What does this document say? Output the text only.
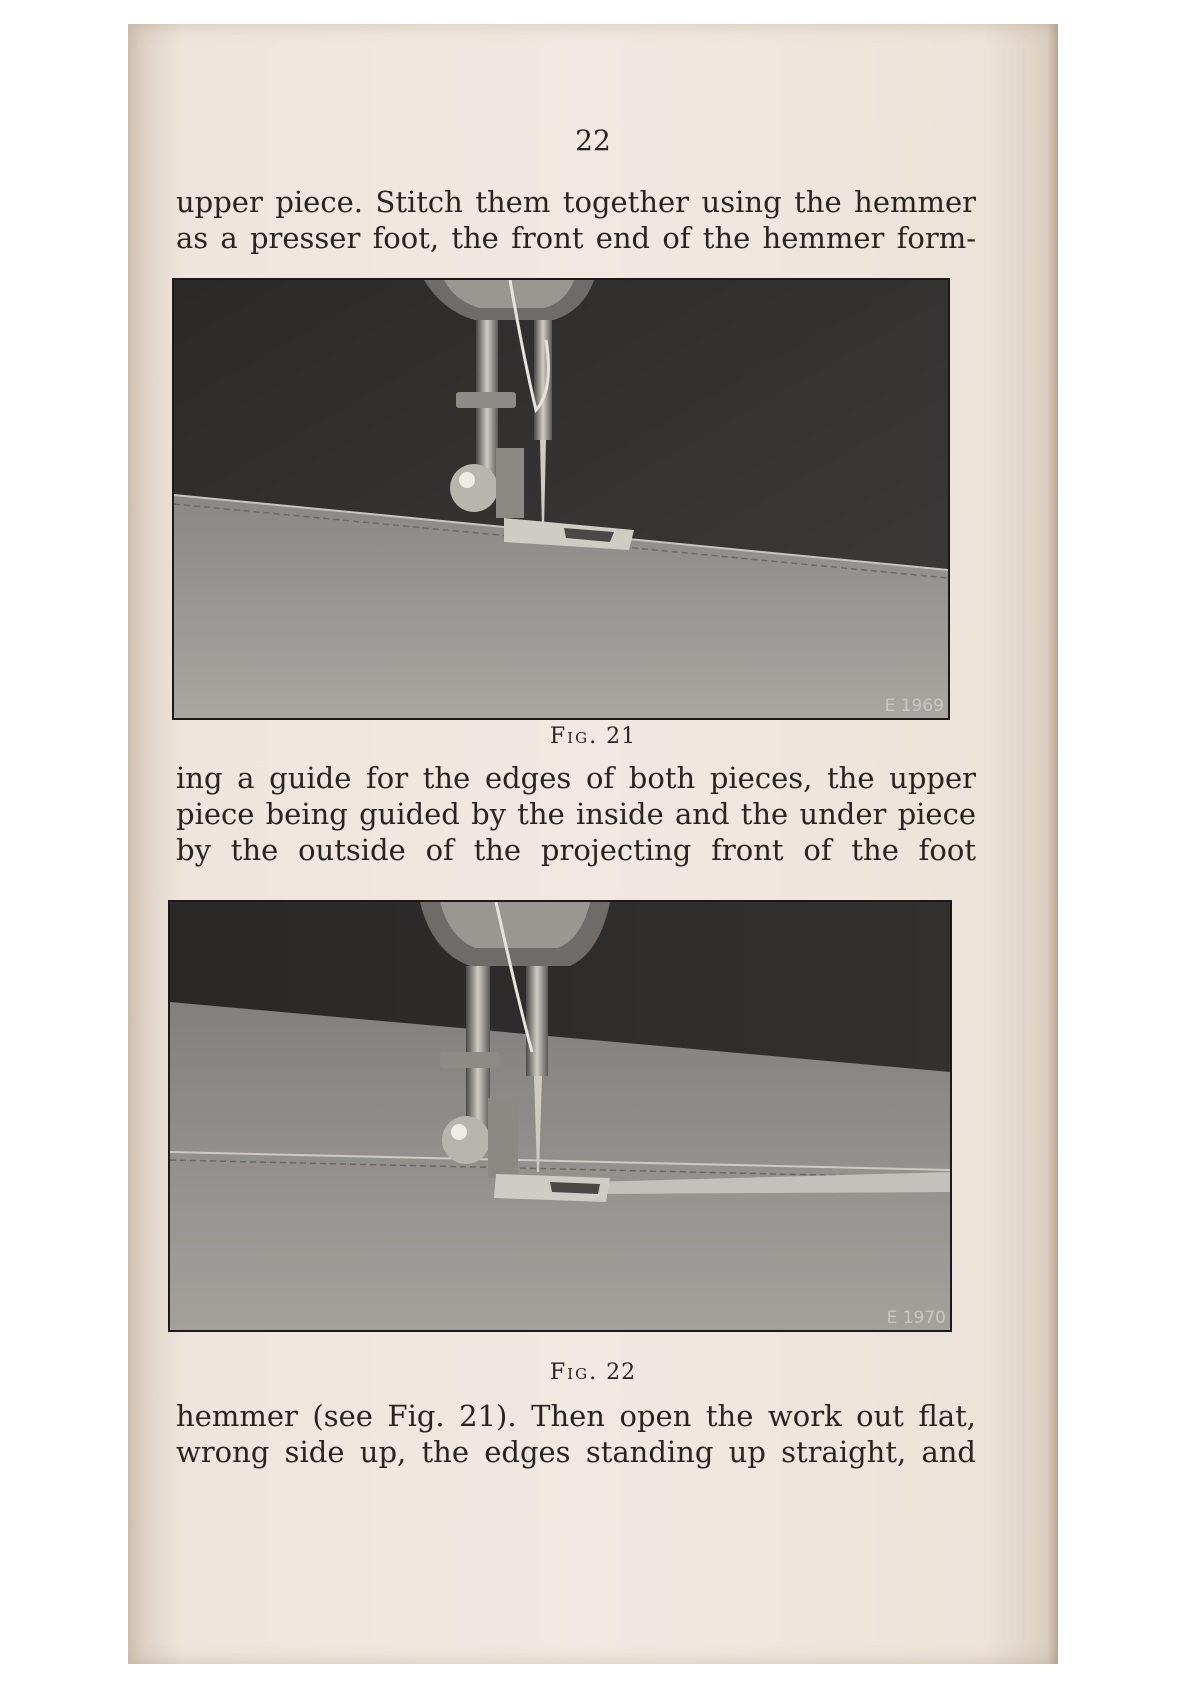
22

upper piece. Stitch them together using the hemmer
as a presser foot, the front end of the hemmer form-

E 1969
Fig. 21

ing a guide for the edges of both pieces, the upper
piece being guided by the inside and the under piece
by the outside of the projecting front of the foot

E 1970
Fig. 22

hemmer (see Fig. 21). Then open the work out flat,
wrong side up, the edges standing up straight, and
